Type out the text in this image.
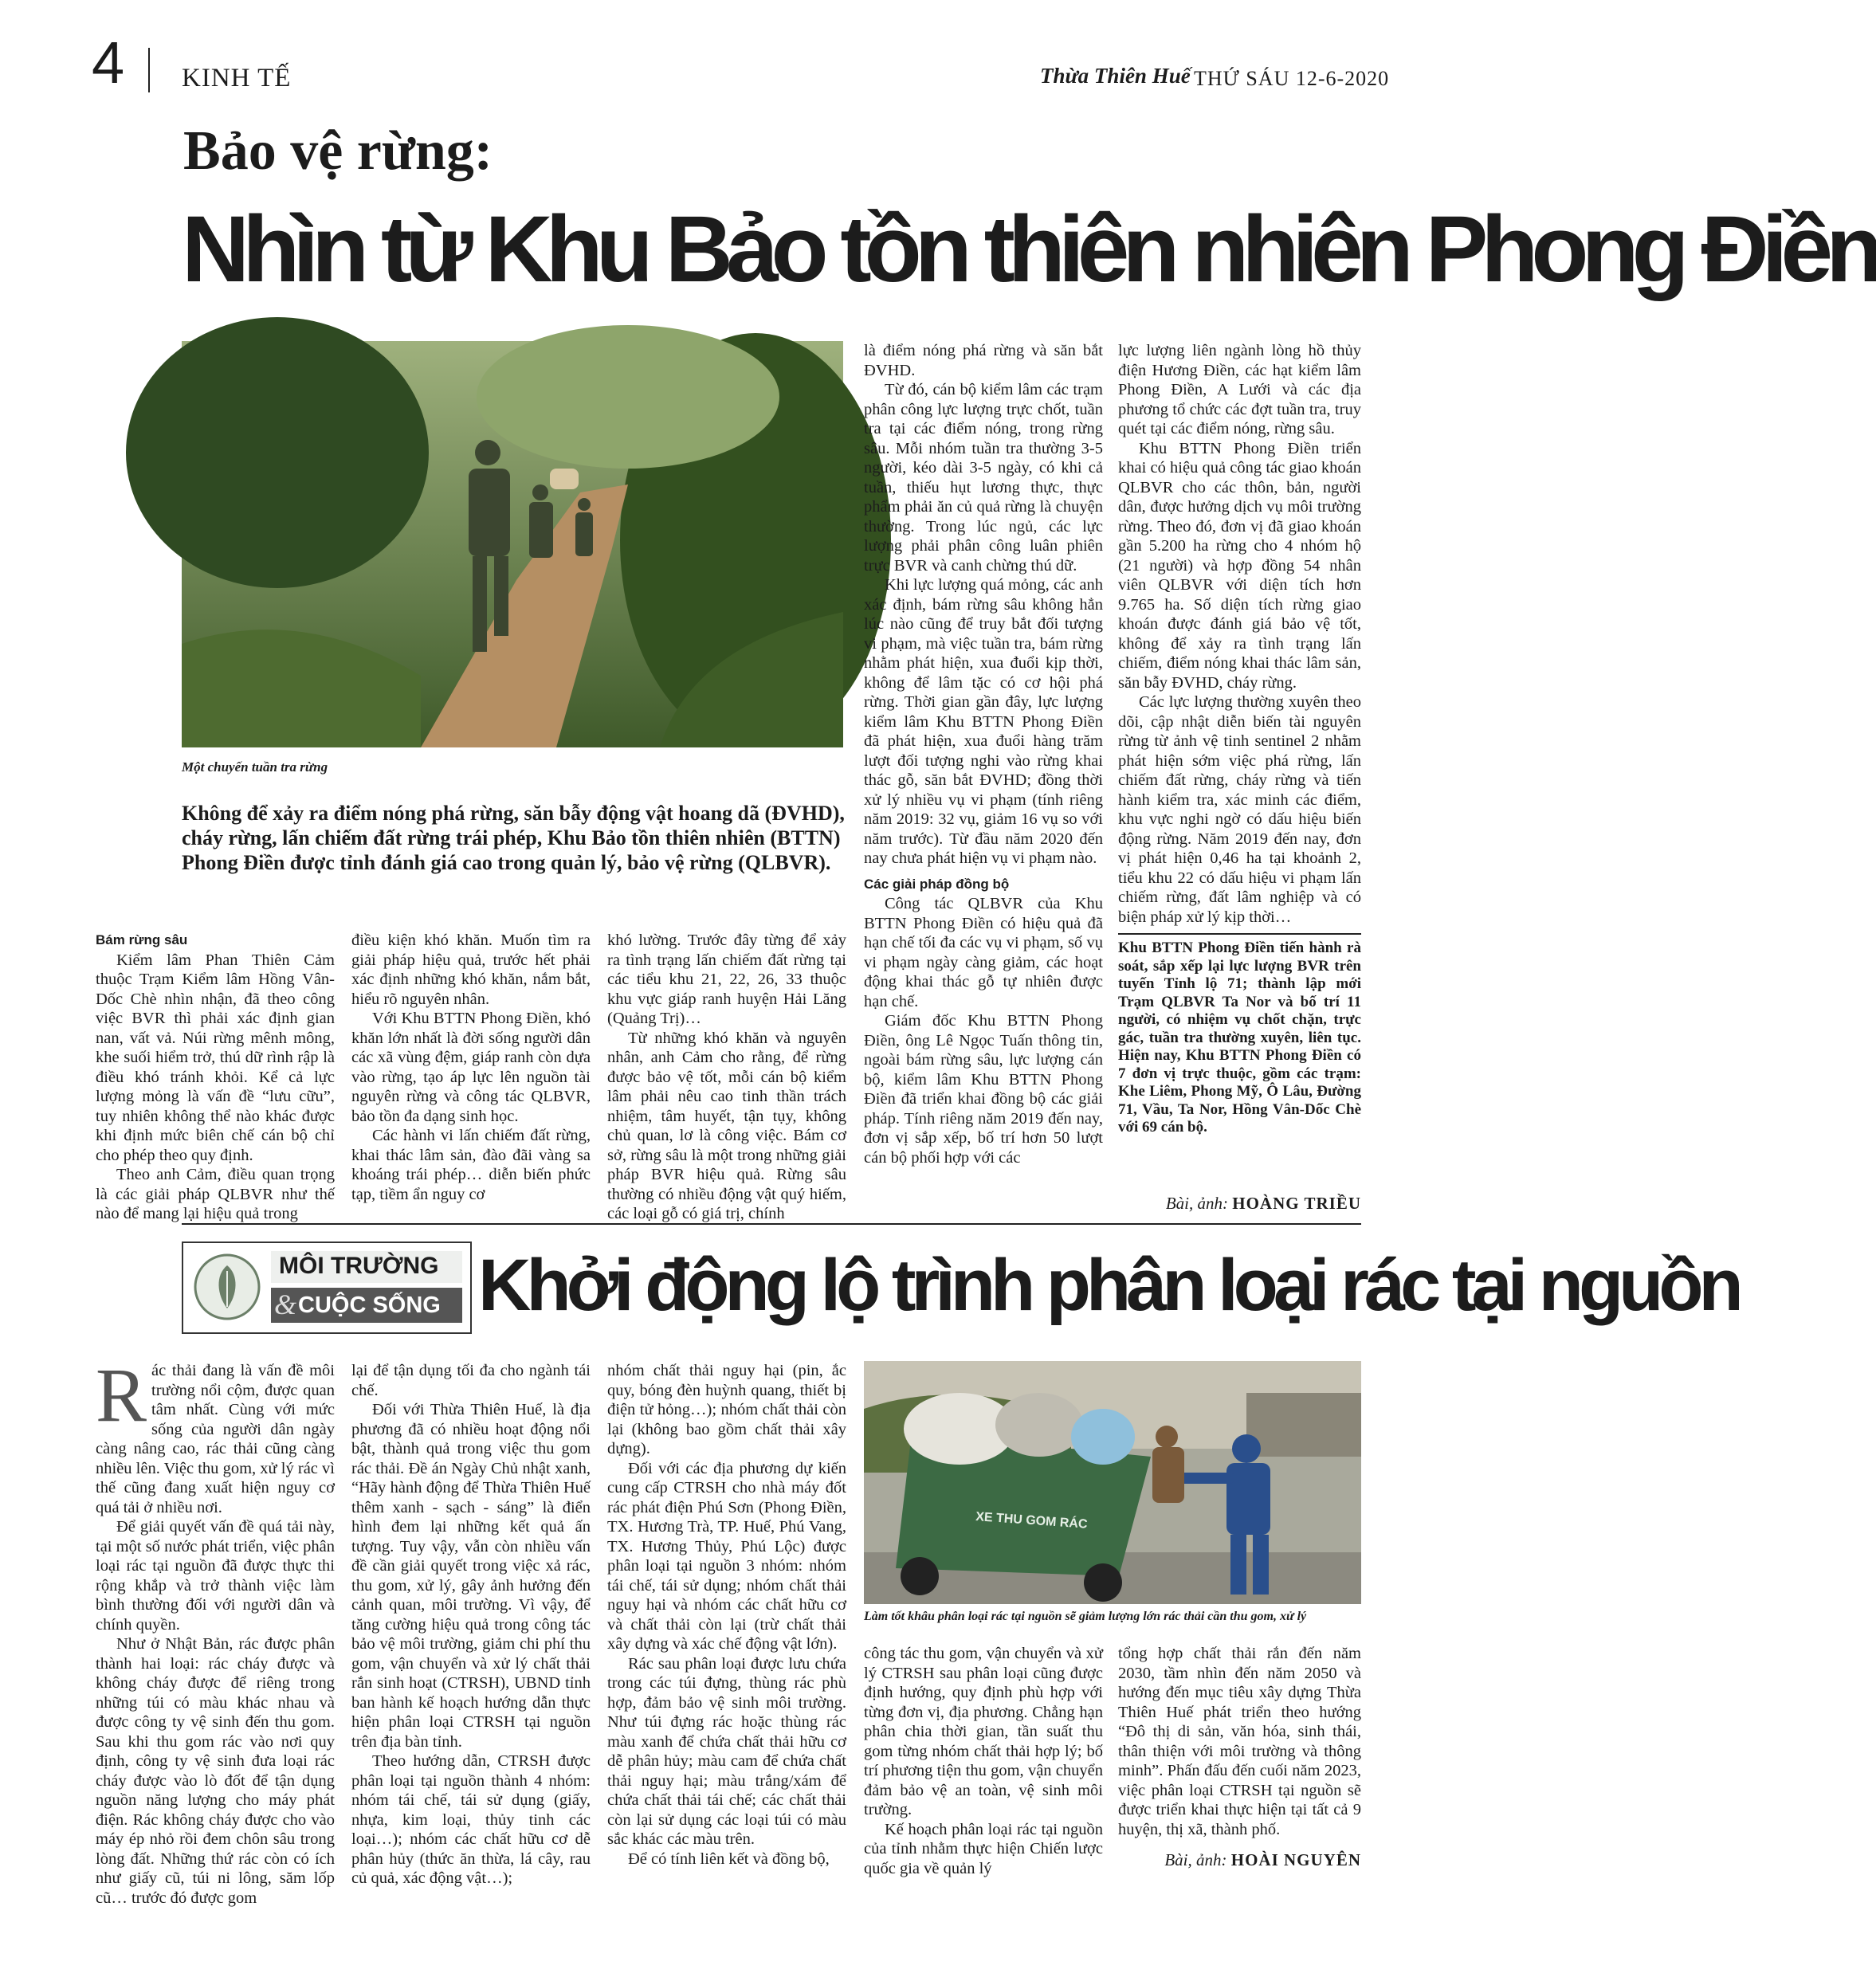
4 KINH TẾ	Thừa Thiên Huế THỨ SÁU 12-6-2020
Bảo vệ rừng:
Nhìn từ Khu Bảo tồn thiên nhiên Phong Điền
Một chuyến tuần tra rừng
Không để xảy ra điểm nóng phá rừng, săn bẫy động vật hoang dã (ĐVHD), cháy rừng, lấn chiếm đất rừng trái phép, Khu Bảo tồn thiên nhiên (BTTN) Phong Điền được tỉnh đánh giá cao trong quản lý, bảo vệ rừng (QLBVR).

Bám rừng sâu

Kiểm lâm Phan Thiên Cảm thuộc Trạm Kiểm lâm Hồng Vân-Dốc Chè nhìn nhận, đã theo công việc BVR thì phải xác định gian nan, vất vả. Núi rừng mênh mông, khe suối hiểm trở, thú dữ rình rập là điều khó tránh khỏi. Kể cả lực lượng mỏng là vấn đề “lưu cữu”, tuy nhiên không thể nào khác được khi định mức biên chế cán bộ chỉ cho phép theo quy định.

Theo anh Cảm, điều quan trọng là các giải pháp QLBVR như thế nào để mang lại hiệu quả trong

điều kiện khó khăn. Muốn tìm ra giải pháp hiệu quả, trước hết phải xác định những khó khăn, nắm bắt, hiểu rõ nguyên nhân.

Với Khu BTTN Phong Điền, khó khăn lớn nhất là đời sống người dân các xã vùng đệm, giáp ranh còn dựa vào rừng, tạo áp lực lên nguồn tài nguyên rừng và công tác QLBVR, bảo tồn đa dạng sinh học.

Các hành vi lấn chiếm đất rừng, khai thác lâm sản, đào đãi vàng sa khoáng trái phép… diễn biến phức tạp, tiềm ẩn nguy cơ

khó lường. Trước đây từng để xảy ra tình trạng lấn chiếm đất rừng tại các tiểu khu 21, 22, 26, 33 thuộc khu vực giáp ranh huyện Hải Lăng (Quảng Trị)…

Từ những khó khăn và nguyên nhân, anh Cảm cho rằng, để rừng được bảo vệ tốt, mỗi cán bộ kiểm lâm phải nêu cao tinh thần trách nhiệm, tâm huyết, tận tụy, không chủ quan, lơ là công việc. Bám cơ sở, rừng sâu là một trong những giải pháp BVR hiệu quả. Rừng sâu thường có nhiều động vật quý hiếm, các loại gỗ có giá trị, chính

là điểm nóng phá rừng và săn bắt ĐVHD.

Từ đó, cán bộ kiểm lâm các trạm phân công lực lượng trực chốt, tuần tra tại các điểm nóng, trong rừng sâu. Mỗi nhóm tuần tra thường 3-5 người, kéo dài 3-5 ngày, có khi cả tuần, thiếu hụt lương thực, thực phẩm phải ăn củ quả rừng là chuyện thường. Trong lúc ngủ, các lực lượng phải phân công luân phiên trực BVR và canh chừng thú dữ.

Khi lực lượng quá mỏng, các anh xác định, bám rừng sâu không hẳn lúc nào cũng để truy bắt đối tượng vi phạm, mà việc tuần tra, bám rừng nhằm phát hiện, xua đuổi kịp thời, không để lâm tặc có cơ hội phá rừng. Thời gian gần đây, lực lượng kiểm lâm Khu BTTN Phong Điền đã phát hiện, xua đuổi hàng trăm lượt đối tượng nghi vào rừng khai thác gỗ, săn bắt ĐVHD; đồng thời xử lý nhiều vụ vi phạm (tính riêng năm 2019: 32 vụ, giảm 16 vụ so với năm trước). Từ đầu năm 2020 đến nay chưa phát hiện vụ vi phạm nào.

Các giải pháp đồng bộ

Công tác QLBVR của Khu BTTN Phong Điền có hiệu quả đã hạn chế tối đa các vụ vi phạm, số vụ vi phạm ngày càng giảm, các hoạt động khai thác gỗ tự nhiên được hạn chế.

Giám đốc Khu BTTN Phong Điền, ông Lê Ngọc Tuấn thông tin, ngoài bám rừng sâu, lực lượng cán bộ, kiểm lâm Khu BTTN Phong Điền đã triển khai đồng bộ các giải pháp. Tính riêng năm 2019 đến nay, đơn vị sắp xếp, bố trí hơn 50 lượt cán bộ phối hợp với các

lực lượng liên ngành lòng hồ thủy điện Hương Điền, các hạt kiểm lâm Phong Điền, A Lưới và các địa phương tổ chức các đợt tuần tra, truy quét tại các điểm nóng, rừng sâu.

Khu BTTN Phong Điền triển khai có hiệu quả công tác giao khoán QLBVR cho các thôn, bản, người dân, được hưởng dịch vụ môi trường rừng. Theo đó, đơn vị đã giao khoán gần 5.200 ha rừng cho 4 nhóm hộ (21 người) và hợp đồng 54 nhân viên QLBVR với diện tích hơn 9.765 ha. Số diện tích rừng giao khoán được đánh giá bảo vệ tốt, không để xảy ra tình trạng lấn chiếm, điểm nóng khai thác lâm sản, săn bẫy ĐVHD, cháy rừng.

Các lực lượng thường xuyên theo dõi, cập nhật diễn biến tài nguyên rừng từ ảnh vệ tinh sentinel 2 nhằm phát hiện sớm việc phá rừng, lấn chiếm đất rừng, cháy rừng và tiến hành kiểm tra, xác minh các điểm, khu vực nghi ngờ có dấu hiệu biến động rừng. Năm 2019 đến nay, đơn vị phát hiện 0,46 ha tại khoảnh 2, tiểu khu 22 có dấu hiệu vi phạm lấn chiếm rừng, đất lâm nghiệp và có biện pháp xử lý kịp thời…

Khu BTTN Phong Điền tiến hành rà soát, sắp xếp lại lực lượng BVR trên tuyến Tỉnh lộ 71; thành lập mới Trạm QLBVR Ta Nor và bố trí 11 người, có nhiệm vụ chốt chặn, trực gác, tuần tra thường xuyên, liên tục. Hiện nay, Khu BTTN Phong Điền có 7 đơn vị trực thuộc, gồm các trạm: Khe Liêm, Phong Mỹ, Ô Lâu, Đường 71, Vầu, Ta Nor, Hồng Vân-Dốc Chè với 69 cán bộ.

Bài, ảnh: HOÀNG TRIỀU
MÔI TRƯỜNG
& CUỘC SỐNG Khởi động lộ trình phân loại rác tại nguồn
R ác thải đang là vấn đề môi trường nổi cộm, được quan tâm nhất. Cùng với mức sống của người dân ngày càng nâng cao, rác thải cũng càng nhiều lên. Việc thu gom, xử lý rác vì thế cũng đang xuất hiện nguy cơ quá tải ở nhiều nơi.

Để giải quyết vấn đề quá tải này, tại một số nước phát triển, việc phân loại rác tại nguồn đã được thực thi rộng khắp và trở thành việc làm bình thường đối với người dân và chính quyền.

Như ở Nhật Bản, rác được phân thành hai loại: rác cháy được và không cháy được để riêng trong những túi có màu khác nhau và được công ty vệ sinh đến thu gom. Sau khi thu gom rác vào nơi quy định, công ty vệ sinh đưa loại rác cháy được vào lò đốt để tận dụng nguồn năng lượng cho máy phát điện. Rác không cháy được cho vào máy ép nhỏ rồi đem chôn sâu trong lòng đất. Những thứ rác còn có ích như giấy cũ, túi ni lông, săm lốp cũ… trước đó được gom

lại để tận dụng tối đa cho ngành tái chế.

Đối với Thừa Thiên Huế, là địa phương đã có nhiều hoạt động nổi bật, thành quả trong việc thu gom rác thải. Đề án Ngày Chủ nhật xanh, “Hãy hành động để Thừa Thiên Huế thêm xanh - sạch - sáng” là điển hình đem lại những kết quả ấn tượng. Tuy vậy, vẫn còn nhiều vấn đề cần giải quyết trong việc xả rác, thu gom, xử lý, gây ảnh hưởng đến cảnh quan, môi trường. Vì vậy, để tăng cường hiệu quả trong công tác bảo vệ môi trường, giảm chi phí thu gom, vận chuyển và xử lý chất thải rắn sinh hoạt (CTRSH), UBND tỉnh ban hành kế hoạch hướng dẫn thực hiện phân loại CTRSH tại nguồn trên địa bàn tỉnh.

Theo hướng dẫn, CTRSH được phân loại tại nguồn thành 4 nhóm: nhóm tái chế, tái sử dụng (giấy, nhựa, kim loại, thủy tinh các loại…); nhóm các chất hữu cơ dễ phân hủy (thức ăn thừa, lá cây, rau củ quả, xác động vật…);

nhóm chất thải nguy hại (pin, ắc quy, bóng đèn huỳnh quang, thiết bị điện tử hỏng…); nhóm chất thải còn lại (không bao gồm chất thải xây dựng).

Đối với các địa phương dự kiến cung cấp CTRSH cho nhà máy đốt rác phát điện Phú Sơn (Phong Điền, TX. Hương Trà, TP. Huế, Phú Vang, TX. Hương Thủy, Phú Lộc) được phân loại tại nguồn 3 nhóm: nhóm tái chế, tái sử dụng; nhóm chất thải nguy hại và nhóm các chất hữu cơ và chất thải còn lại (trừ chất thải xây dựng và xác chế động vật lớn).

Rác sau phân loại được lưu chứa trong các túi đựng, thùng rác phù hợp, đảm bảo vệ sinh môi trường. Như túi đựng rác hoặc thùng rác màu xanh để chứa chất thải hữu cơ dễ phân hủy; màu cam để chứa chất thải nguy hại; màu trắng/xám để chứa chất thải tái chế; các chất thải còn lại sử dụng các loại túi có màu sắc khác các màu trên.

Để có tính liên kết và đồng bộ,

XE THU GOM RÁC
Làm tốt khâu phân loại rác tại nguồn sẽ giảm lượng lớn rác thải cần thu gom, xử lý

công tác thu gom, vận chuyển và xử lý CTRSH sau phân loại cũng được định hướng, quy định phù hợp với từng đơn vị, địa phương. Chẳng hạn phân chia thời gian, tần suất thu gom từng nhóm chất thải hợp lý; bố trí phương tiện thu gom, vận chuyển đảm bảo vệ an toàn, vệ sinh môi trường.

Kế hoạch phân loại rác tại nguồn của tỉnh nhằm thực hiện Chiến lược quốc gia về quản lý

tổng hợp chất thải rắn đến năm 2030, tầm nhìn đến năm 2050 và hướng đến mục tiêu xây dựng Thừa Thiên Huế phát triển theo hướng “Đô thị di sản, văn hóa, sinh thái, thân thiện với môi trường và thông minh”. Phấn đấu đến cuối năm 2023, việc phân loại CTRSH tại nguồn sẽ được triển khai thực hiện tại tất cả 9 huyện, thị xã, thành phố.

Bài, ảnh: HOÀI NGUYÊN
